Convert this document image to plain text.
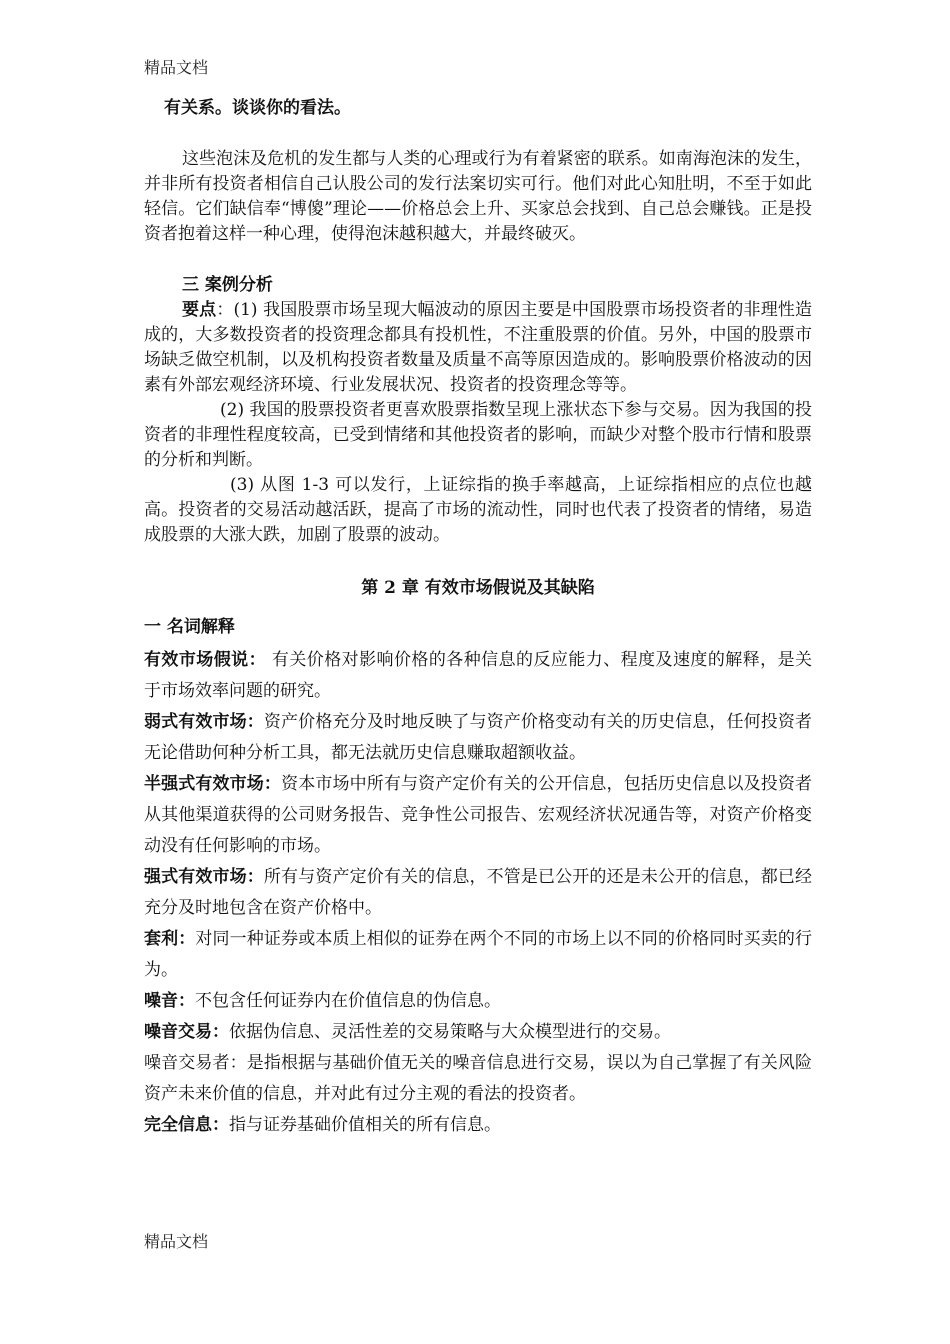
精品文档

有关系。谈谈你的看法。

这些泡沫及危机的发生都与人类的心理或行为有着紧密的联系。如南海泡沫的发生，并非所有投资者相信自己认股公司的发行法案切实可行。他们对此心知肚明，不至于如此轻信。它们缺信奉“博傻”理论——价格总会上升、买家总会找到、自己总会赚钱。正是投资者抱着这样一种心理，使得泡沫越积越大，并最终破灭。

三 案例分析

要点：(1) 我国股票市场呈现大幅波动的原因主要是中国股票市场投资者的非理性造成的，大多数投资者的投资理念都具有投机性，不注重股票的价值。另外，中国的股票市场缺乏做空机制，以及机构投资者数量及质量不高等原因造成的。影响股票价格波动的因素有外部宏观经济环境、行业发展状况、投资者的投资理念等等。

(2) 我国的股票投资者更喜欢股票指数呈现上涨状态下参与交易。因为我国的投资者的非理性程度较高，已受到情绪和其他投资者的影响，而缺少对整个股市行情和股票的分析和判断。

(3) 从图 1-3 可以发行，上证综指的换手率越高，上证综指相应的点位也越高。投资者的交易活动越活跃，提高了市场的流动性，同时也代表了投资者的情绪，易造成股票的大涨大跌，加剧了股票的波动。

第 2 章 有效市场假说及其缺陷

一 名词解释

有效市场假说： 有关价格对影响价格的各种信息的反应能力、程度及速度的解释，是关于市场效率问题的研究。

弱式有效市场：资产价格充分及时地反映了与资产价格变动有关的历史信息，任何投资者无论借助何种分析工具，都无法就历史信息赚取超额收益。

半强式有效市场：资本市场中所有与资产定价有关的公开信息，包括历史信息以及投资者从其他渠道获得的公司财务报告、竞争性公司报告、宏观经济状况通告等，对资产价格变动没有任何影响的市场。

强式有效市场：所有与资产定价有关的信息，不管是已公开的还是未公开的信息，都已经充分及时地包含在资产价格中。

套利：对同一种证券或本质上相似的证券在两个不同的市场上以不同的价格同时买卖的行为。

噪音：不包含任何证券内在价值信息的伪信息。

噪音交易：依据伪信息、灵活性差的交易策略与大众模型进行的交易。

噪音交易者：是指根据与基础价值无关的噪音信息进行交易，误以为自己掌握了有关风险资产未来价值的信息，并对此有过分主观的看法的投资者。

完全信息：指与证券基础价值相关的所有信息。

精品文档
